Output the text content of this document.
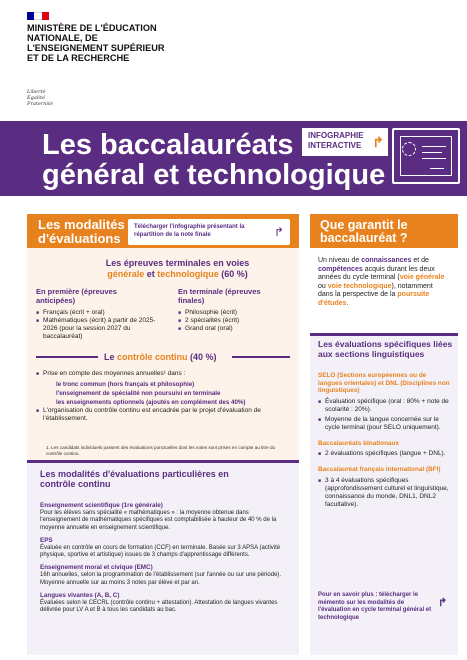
MINISTÈRE DE L'ÉDUCATION NATIONALE, DE L'ENSEIGNEMENT SUPÉRIEUR ET DE LA RECHERCHE
Liberté
Égalité
Fraternité
Les baccalauréats
général et technologique
INFOGRAPHIE
INTERACTIVE ↱
Les modalités d'évaluations
Télécharger l'infographie présentant la répartition de la note finale	↱
Les épreuves terminales en voies
générale et technologique (60 %)
En première (épreuves anticipées)
■ Français (écrit + oral)
■ Mathématiques (écrit) à partir de 2025-2026 (pour la session 2027 du baccalauréat)
En terminale (épreuves finales)
■ Philosophie (écrit)
■ 2 spécialités (écrit)
■ Grand oral (oral)
Le contrôle continu (40 %)
■ Prise en compte des moyennes annuelles¹ dans :
le tronc commun (hors français et philosophie)
l'enseignement de spécialité non poursuivi en terminale
les enseignements optionnels (ajoutés en complément des 40%)
■ L'organisation du contrôle continu est encadrée par le projet d'évaluation de l'établissement.
1. Les candidats individuels passent des évaluations ponctuelles dont les notes sont prises en compte au titre du contrôle continu.
Les modalités d'évaluations particulières en contrôle continu
Enseignement scientifique (1re générale)
Pour les élèves sans spécialité « mathématiques » : la moyenne obtenue dans l'enseignement de mathématiques spécifiques est comptabilisée à hauteur de 40 % de la moyenne annuelle en enseignement scientifique.
EPS
Évaluée en contrôle en cours de formation (CCF) en terminale. Basée sur 3 APSA (activité physique, sportive et artistique) issues de 3 champs d'apprentissage différents.
Enseignement moral et civique (EMC)
16h annuelles, selon la programmation de l'établissement (sur l'année ou sur une période). Moyenne annuelle sur au moins 3 notes par élève et par an.
Langues vivantes (A, B, C)
Évaluées selon le CECRL (contrôle continu + attestation). Attestation de langues vivantes délivrée pour LV A et B à tous les candidats au bac.
Que garantit le baccalauréat ?
Un niveau de connaissances et de compétences acquis durant les deux années du cycle terminal (voie générale ou voie technologique), notamment dans la perspective de la poursuite d'études.
Les évaluations spécifiques liées aux sections linguistiques
SELO (Sections européennes ou de langues orientales) et DNL (Disciplines non linguistiques)
■ Évaluation spécifique (oral : 80% + note de scolarité : 20%).
■ Moyenne de la langue concernée sur le cycle terminal (pour SELO uniquement).
Baccalauréats binationaux
■ 2 évaluations spécifiques (langue + DNL).
Baccalauréat français international (BFI)
■ 3 à 4 évaluations spécifiques (approfondissement culturel et linguistique, connaissance du monde, DNL1, DNL2 facultative).
Pour en savoir plus : télécharger le mémento sur les modalités de l'évaluation en cycle terminal général et technologique
↱
